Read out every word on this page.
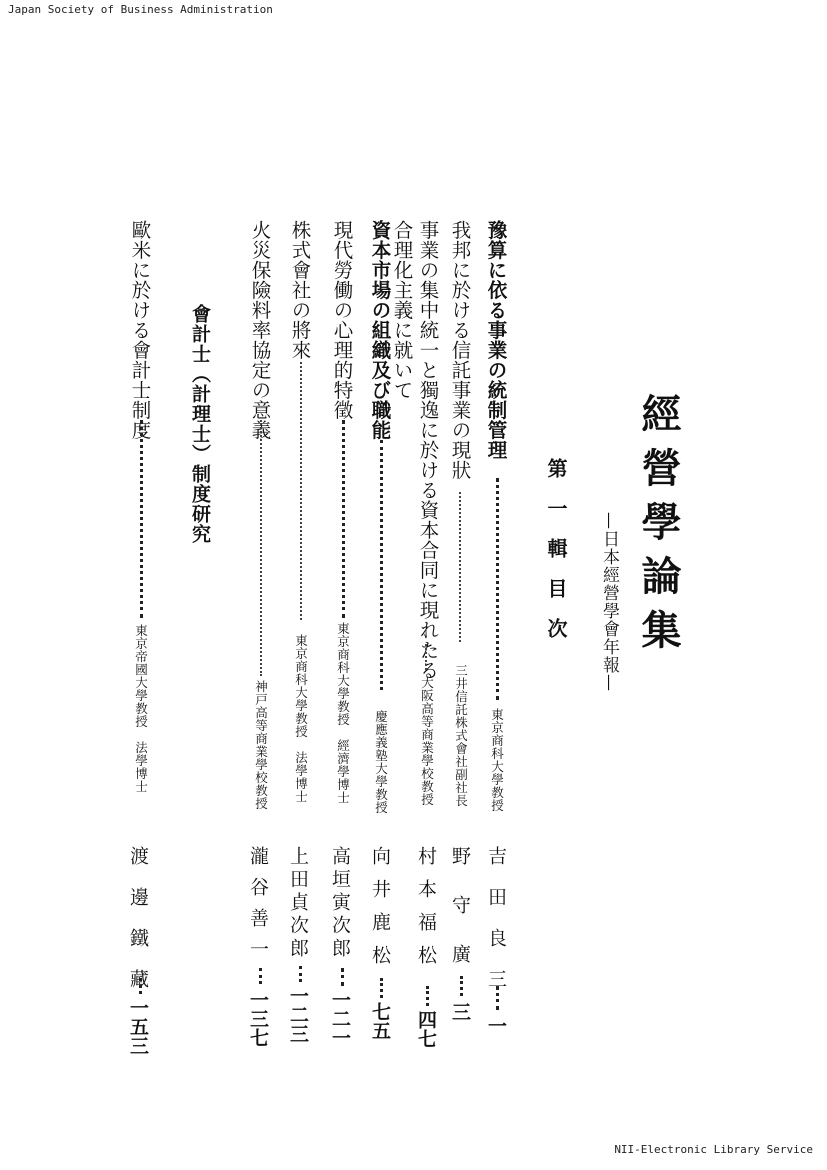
Japan Society of Business Administration
NII-Electronic Library Service
經營學論集
—日本經營學會年報—
第一輯目次
豫算に依る事業の統制管理
東京商科大學教授
吉田良三
一
我邦に於ける信託事業の現狀
三井信託株式會社副社長
野守廣
三
事業の集中統一と獨逸に於ける資本合同に現れたる
合理化主義に就いて
大阪高等商業學校教授
村本福松
四七
資本市場の組織及び職能
慶應義塾大學教授
向井鹿松
七五
現代勞働の心理的特徵
東京商科大學教授　經濟學博士
高垣寅次郎
一二一
株式會社の將來
東京商科大學教授　法學博士
上田貞次郎
一二三
火災保險料率協定の意義
神戸高等商業學校教授
瀧谷善一
一三七
會計士（計理士）制度研究
歐米に於ける會計士制度
東京帝國大學教授　法學博士
渡邊鐵藏
一五三
